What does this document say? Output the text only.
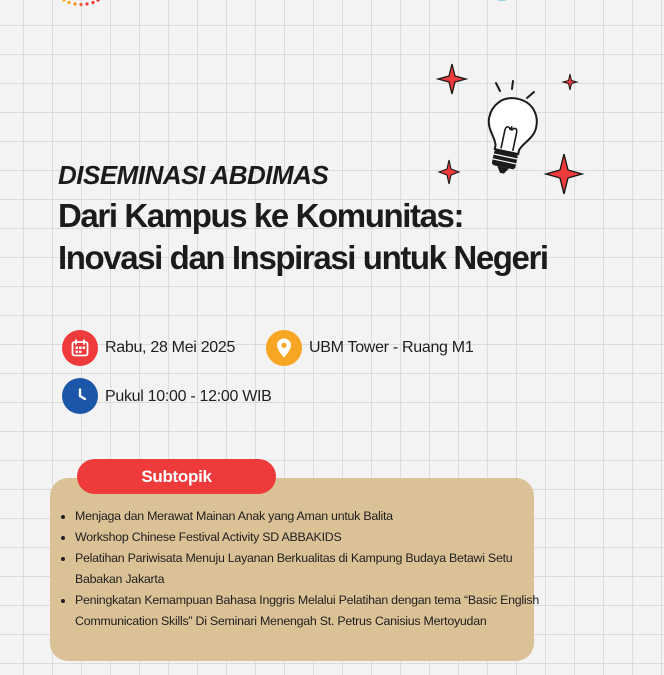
DISEMINASI ABDIMAS
Dari Kampus ke Komunitas:
Inovasi dan Inspirasi untuk Negeri
Rabu, 28 Mei 2025	UBM Tower - Ruang M1
Pukul 10:00 - 12:00 WIB
Subtopik
• Menjaga dan Merawat Mainan Anak yang Aman untuk Balita
• Workshop Chinese Festival Activity SD ABBAKIDS
• Pelatihan Pariwisata Menuju Layanan Berkualitas di Kampung Budaya Betawi Setu Babakan Jakarta
• Peningkatan Kemampuan Bahasa Inggris Melalui Pelatihan dengan tema “Basic English Communication Skills” Di Seminari Menengah St. Petrus Canisius Mertoyudan
